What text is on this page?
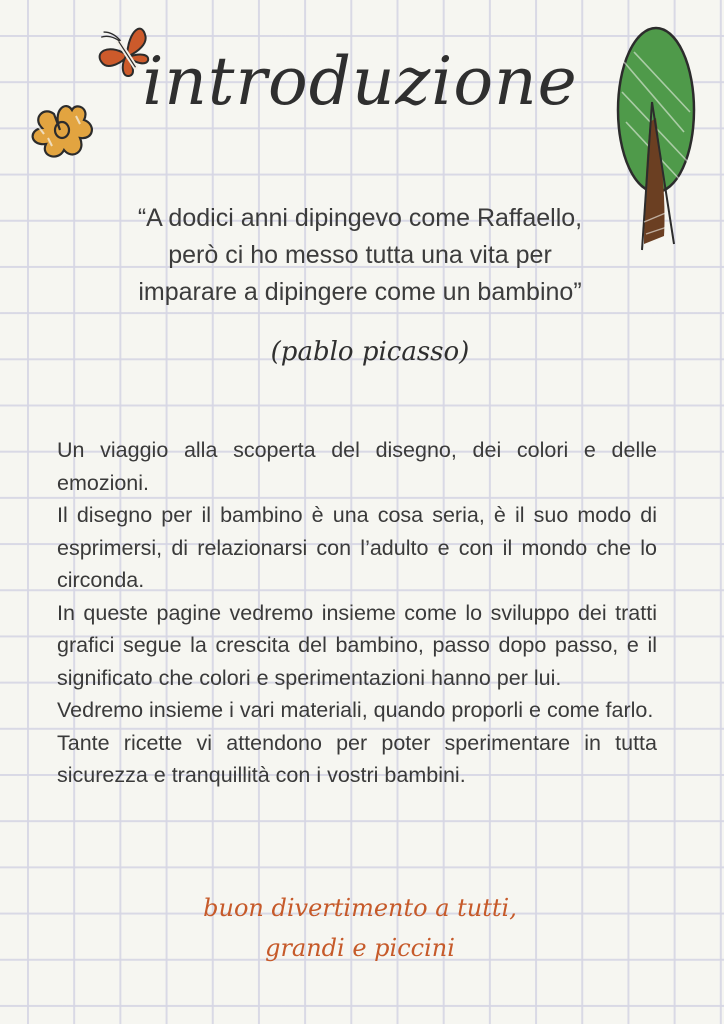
introduzione
“A dodici anni dipingevo come Raffaello,
però ci ho messo tutta una vita per
imparare a dipingere come un bambino”
(pablo picasso)

Un viaggio alla scoperta del disegno, dei colori e delle emozioni.

Il disegno per il bambino è una cosa seria, è il suo modo di esprimersi, di relazionarsi con l’adulto e con il mondo che lo circonda.

In queste pagine vedremo insieme come lo sviluppo dei tratti grafici segue la crescita del bambino, passo dopo passo, e il significato che colori e sperimentazioni hanno per lui.

Vedremo insieme i vari materiali, quando proporli e come farlo.

Tante ricette vi attendono per poter sperimentare in tutta sicurezza e tranquillità con i vostri bambini.

buon divertimento a tutti,
grandi e piccini
